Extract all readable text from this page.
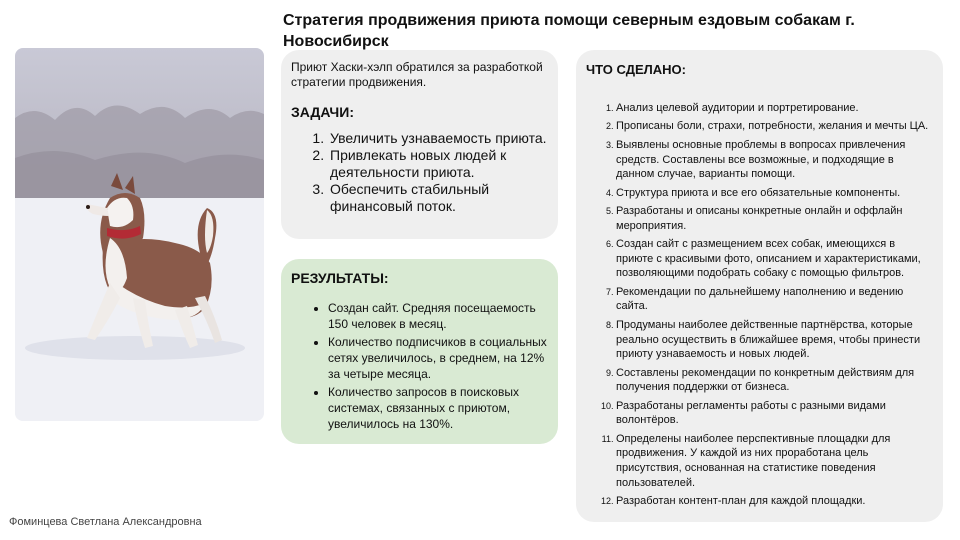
Стратегия продвижения приюта помощи северным ездовым собакам г. Новосибирск

Приют Хаски-хэлп обратился за разработкой стратегии продвижения.

ЗАДАЧИ:

1. Увеличить узнаваемость приюта.
2. Привлекать новых людей к деятельности приюта.
3. Обеспечить стабильный финансовый поток.

РЕЗУЛЬТАТЫ:

• Создан сайт. Средняя посещаемость 150 человек в месяц.
• Количество подписчиков в социальных сетях увеличилось, в среднем, на 12% за четыре месяца.
• Количество запросов в поисковых системах, связанных с приютом, увеличилось на 130%.

ЧТО СДЕЛАНО:

1. Анализ целевой аудитории и портретирование.
2. Прописаны боли, страхи, потребности, желания и мечты ЦА.
3. Выявлены основные проблемы в вопросах привлечения средств. Составлены все возможные, и подходящие в данном случае, варианты помощи.
4. Структура приюта и все его обязательные компоненты.
5. Разработаны и описаны конкретные онлайн и оффлайн мероприятия.
6. Создан сайт с размещением всех собак, имеющихся в приюте с красивыми фото, описанием и характеристиками, позволяющими подобрать собаку с помощью фильтров.
7. Рекомендации по дальнейшему наполнению и ведению сайта.
8. Продуманы наиболее действенные партнёрства, которые реально осуществить в ближайшее время, чтобы принести приюту узнаваемость и новых людей.
9. Составлены рекомендации по конкретным действиям для получения поддержки от бизнеса.
10. Разработаны регламенты работы с разными видами волонтёров.
11. Определены наиболее перспективные площадки для продвижения. У каждой из них проработана цель присутствия, основанная на статистике поведения пользователей.
12. Разработан контент-план для каждой площадки.

Фоминцева Светлана Александровна
